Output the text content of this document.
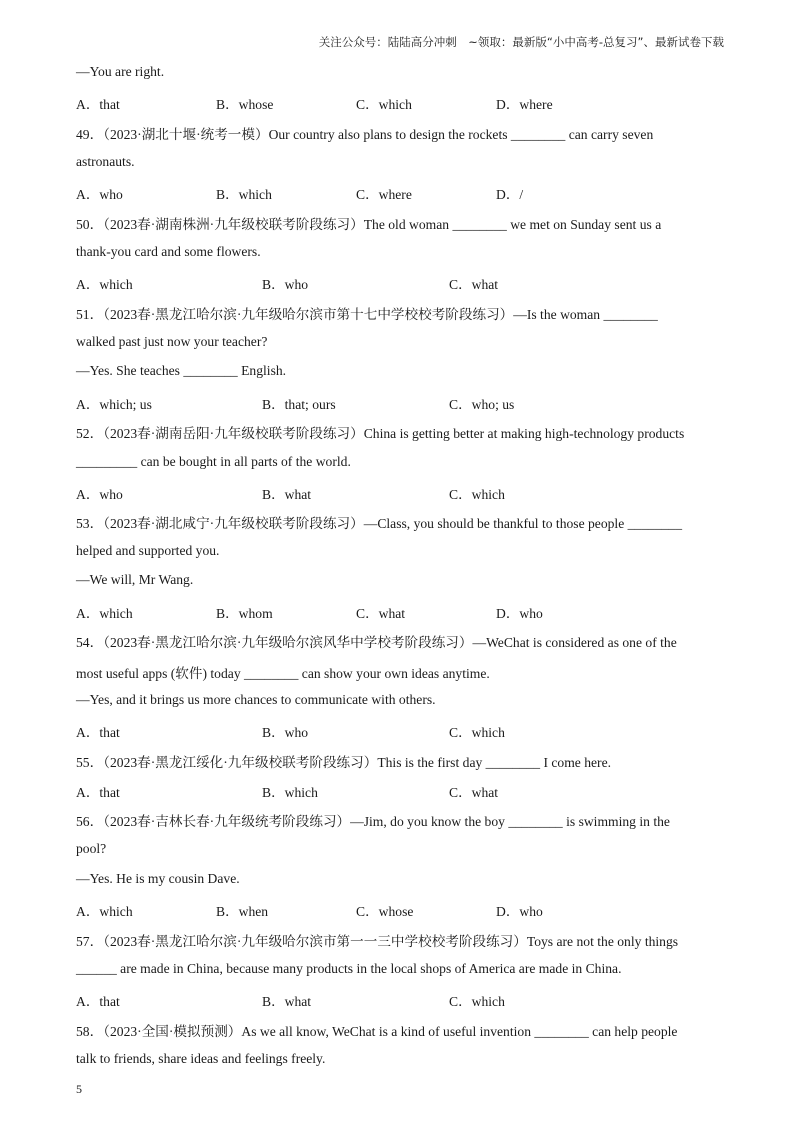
关注公众号：陆陆高分冲刺　~领取：最新版“小中高考-总复习”、最新试卷下载
—You are right.
A．that	B．whose	C．which	D．where
49．（2023·湖北十堰·统考一模）Our country also plans to design the rockets ________ can carry seven
astronauts.
A．who	B．which	C．where	D．/
50．（2023春·湖南株洲·九年级校联考阶段练习）The old woman ________ we met on Sunday sent us a
thank-you card and some flowers.
A．which	B．who	C．what
51．（2023春·黑龙江哈尔滨·九年级哈尔滨市第十七中学校校考阶段练习）—Is the woman ________
walked past just now your teacher?
—Yes. She teaches ________ English.
A．which; us	B．that; ours	C．who; us
52．（2023春·湖南岳阳·九年级校联考阶段练习）China is getting better at making high-technology products
_________ can be bought in all parts of the world.
A．who	B．what	C．which
53．（2023春·湖北咸宁·九年级校联考阶段练习）—Class, you should be thankful to those people ________
helped and supported you.
—We will, Mr Wang.
A．which	B．whom	C．what	D．who
54．（2023春·黑龙江哈尔滨·九年级哈尔滨风华中学校考阶段练习）—WeChat is considered as one of the
most useful apps (软件) today ________ can show your own ideas anytime.
—Yes, and it brings us more chances to communicate with others.
A．that	B．who	C．which
55．（2023春·黑龙江绥化·九年级校联考阶段练习）This is the first day ________ I come here.
A．that	B．which	C．what
56．（2023春·吉林长春·九年级统考阶段练习）—Jim, do you know the boy ________ is swimming in the
pool?
—Yes. He is my cousin Dave.
A．which	B．when	C．whose	D．who
57．（2023春·黑龙江哈尔滨·九年级哈尔滨市第一一三中学校校考阶段练习）Toys are not the only things
______ are made in China, because many products in the local shops of America are made in China.
A．that	B．what	C．which
58．（2023·全国·模拟预测）As we all know, WeChat is a kind of useful invention ________ can help people
talk to friends, share ideas and feelings freely.
5
